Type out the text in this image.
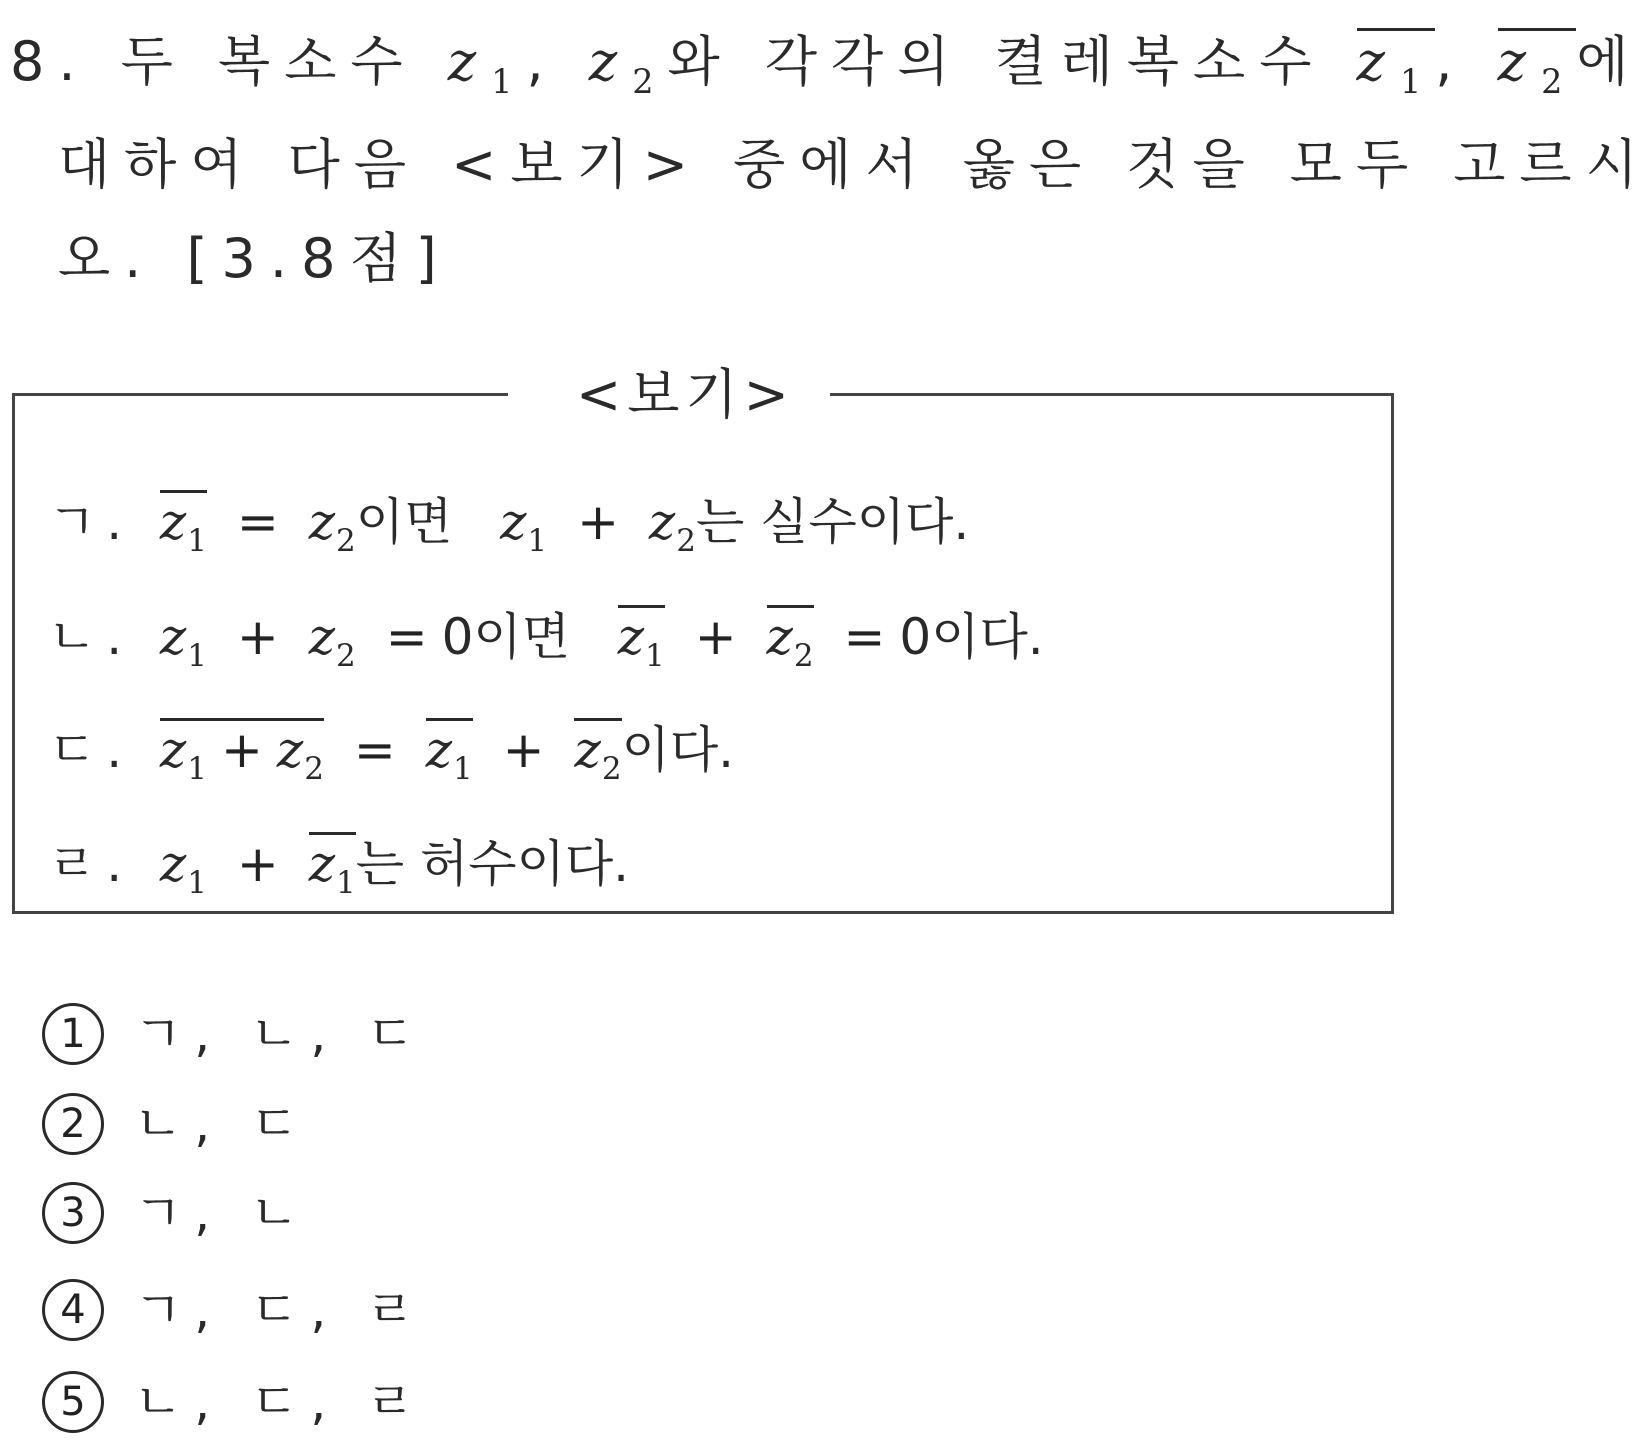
8. 두 복소수 $z_1$, $z_2$와 각각의 켤레복소수 $z_1$, $z_2$에
대하여 다음 <보기> 중에서 옳은 것을 모두 고르시
오. [3.8점]
<보기>
ㄱ. $z_1 = z_2$이면 $z_1 + z_2$는 실수이다.
ㄴ. $z_1 + z_2 = 0$이면 $z_1 + z_2 = 0$이다.
ㄷ. $z_1 + z_2 = z_1 + z_2$이다.
ㄹ. $z_1 + z_1$는 허수이다.
1 ㄱ, ㄴ, ㄷ
2 ㄴ, ㄷ
3 ㄱ, ㄴ
4 ㄱ, ㄷ, ㄹ
5 ㄴ, ㄷ, ㄹ
